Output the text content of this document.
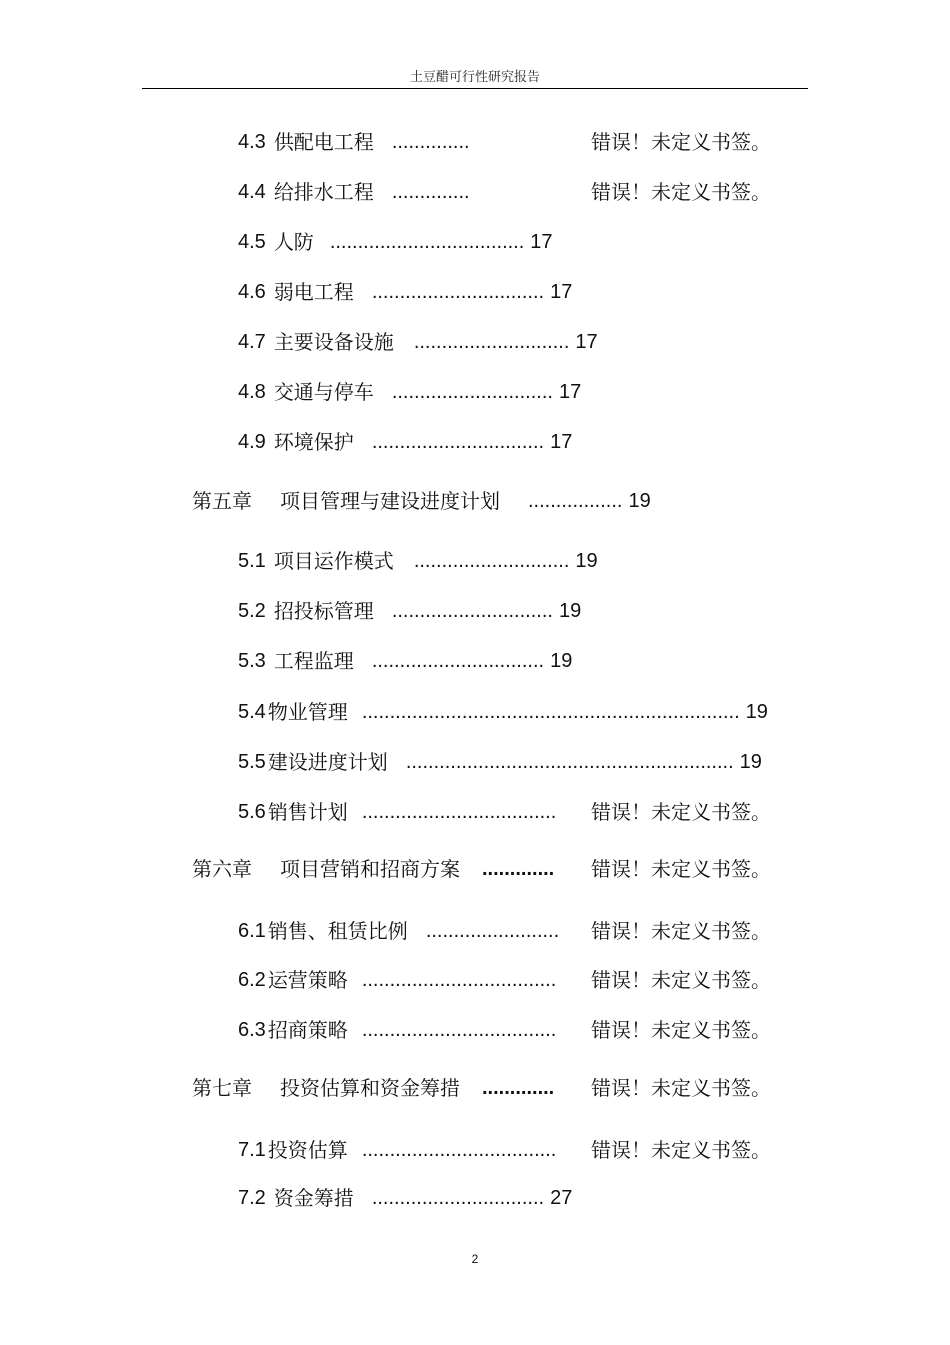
土豆醋可行性研究报告
4.3 供配电工程 ..............	错误！未定义书签。
4.4 给排水工程 ..............	错误！未定义书签。
4.5 人防 ................................... 17
4.6 弱电工程 ............................... 17
4.7 主要设备设施 ............................ 17
4.8 交通与停车 ............................. 17
4.9 环境保护 ............................... 17
第五章 项目管理与建设进度计划 ................. 19
5.1 项目运作模式 ............................ 19
5.2 招投标管理 ............................. 19
5.3 工程监理 ............................... 19
5.4 物业管理 .................................................................... 19
5.5 建设进度计划 ........................................................... 19
5.6 销售计划 ................................... 错误！未定义书签。
第六章 项目营销和招商方案 ............. 错误！未定义书签。
6.1 销售、租赁比例 ........................ 错误！未定义书签。
6.2 运营策略 ................................... 错误！未定义书签。
6.3 招商策略 ................................... 错误！未定义书签。
第七章 投资估算和资金筹措 ............. 错误！未定义书签。
7.1 投资估算 ................................... 错误！未定义书签。
7.2 资金筹措 ............................... 27
2
